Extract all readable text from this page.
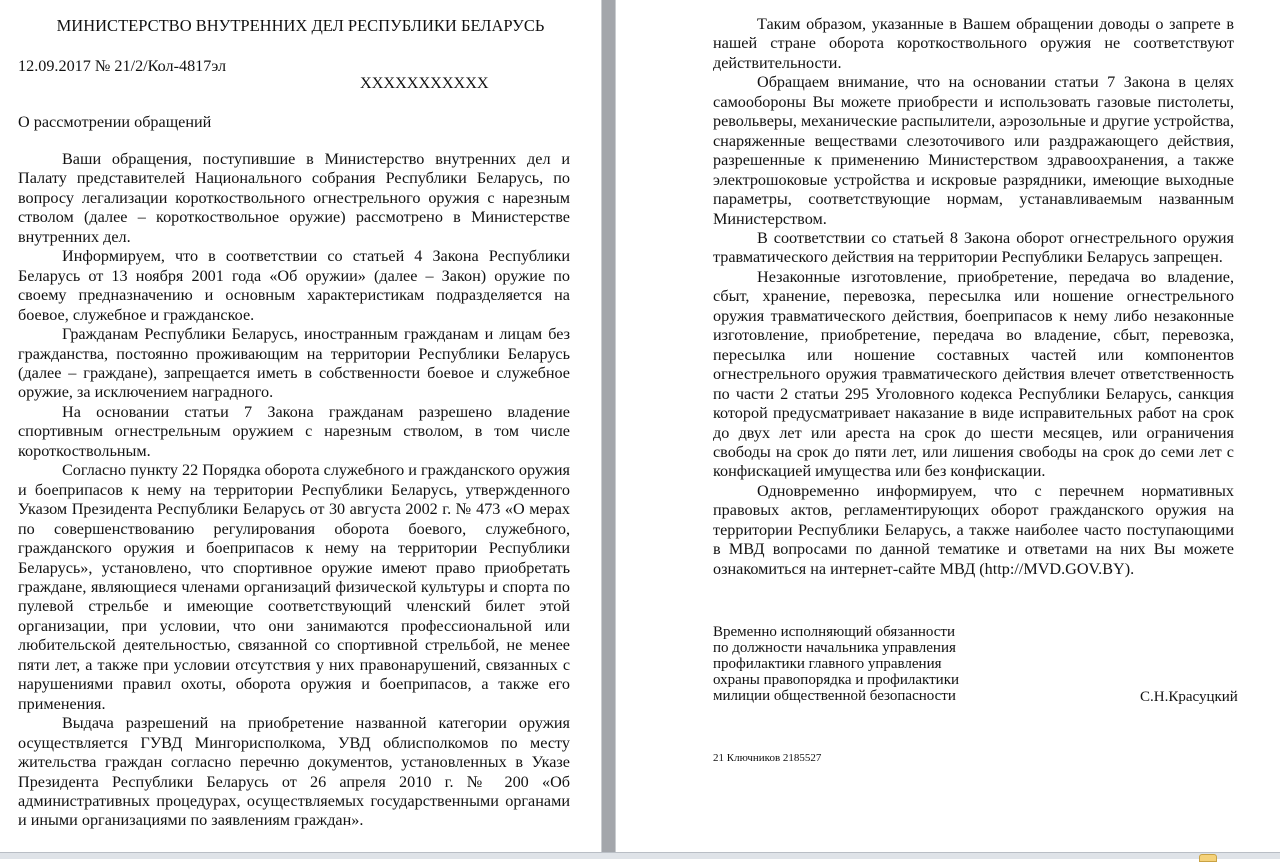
МИНИСТЕРСТВО ВНУТРЕННИХ ДЕЛ РЕСПУБЛИКИ БЕЛАРУСЬ
12.09.2017 № 21/2/Кол-4817эл
XXXXXXXXXXX
О рассмотрении обращений

Ваши обращения, поступившие в Министерство внутренних дел и Палату представителей Национального собрания Республики Беларусь, по вопросу легализации короткоствольного огнестрельного оружия с нарезным стволом (далее – короткоствольное оружие) рассмотрено в Министерстве внутренних дел.

Информируем, что в соответствии со статьей 4 Закона Республики Беларусь от 13 ноября 2001 года «Об оружии» (далее – Закон) оружие по своему предназначению и основным характеристикам подразделяется на боевое, служебное и гражданское.

Гражданам Республики Беларусь, иностранным гражданам и лицам без гражданства, постоянно проживающим на территории Республики Беларусь (далее – граждане), запрещается иметь в собственности боевое и служебное оружие, за исключением наградного.

На основании статьи 7 Закона гражданам разрешено владение спортивным огнестрельным оружием с нарезным стволом, в том числе короткоствольным.

Согласно пункту 22 Порядка оборота служебного и гражданского оружия и боеприпасов к нему на территории Республики Беларусь, утвержденного Указом Президента Республики Беларусь от 30 августа 2002 г. № 473 «О мерах по совершенствованию регулирования оборота боевого, служебного, гражданского оружия и боеприпасов к нему на территории Республики Беларусь», установлено, что спортивное оружие имеют право приобретать граждане, являющиеся членами организаций физической культуры и спорта по пулевой стрельбе и имеющие соответствующий членский билет этой организации, при условии, что они занимаются профессиональной или любительской деятельностью, связанной со спортивной стрельбой, не менее пяти лет, а также при условии отсутствия у них правонарушений, связанных с нарушениями правил охоты, оборота оружия и боеприпасов, а также его применения.

Выдача разрешений на приобретение названной категории оружия осуществляется ГУВД Мингорисполкома, УВД облисполкомов по месту жительства граждан согласно перечню документов, установленных в Указе Президента Республики Беларусь от 26 апреля 2010 г. № 200 «Об административных процедурах, осуществляемых государственными органами и иными организациями по заявлениям граждан».

Таким образом, указанные в Вашем обращении доводы о запрете в нашей стране оборота короткоствольного оружия не соответствуют действительности.

Обращаем внимание, что на основании статьи 7 Закона в целях самообороны Вы можете приобрести и использовать газовые пистолеты, револьверы, механические распылители, аэрозольные и другие устройства, снаряженные веществами слезоточивого или раздражающего действия, разрешенные к применению Министерством здравоохранения, а также электрошоковые устройства и искровые разрядники, имеющие выходные параметры, соответствующие нормам, устанавливаемым названным Министерством.

В соответствии со статьей 8 Закона оборот огнестрельного оружия травматического действия на территории Республики Беларусь запрещен.

Незаконные изготовление, приобретение, передача во владение, сбыт, хранение, перевозка, пересылка или ношение огнестрельного оружия травматического действия, боеприпасов к нему либо незаконные изготовление, приобретение, передача во владение, сбыт, перевозка, пересылка или ношение составных частей или компонентов огнестрельного оружия травматического действия влечет ответственность по части 2 статьи 295 Уголовного кодекса Республики Беларусь, санкция которой предусматривает наказание в виде исправительных работ на срок до двух лет или ареста на срок до шести месяцев, или ограничения свободы на срок до пяти лет, или лишения свободы на срок до семи лет с конфискацией имущества или без конфискации.

Одновременно информируем, что с перечнем нормативных правовых актов, регламентирующих оборот гражданского оружия на территории Республики Беларусь, а также наиболее часто поступающими в МВД вопросами по данной тематике и ответами на них Вы можете ознакомиться на интернет-сайте МВД (http://MVD.GOV.BY).

Временно исполняющий обязанности
по должности начальника управления
профилактики главного управления
охраны правопорядка и профилактики
милиции общественной безопасности	С.Н.Красуцкий
21 Ключников 2185527
